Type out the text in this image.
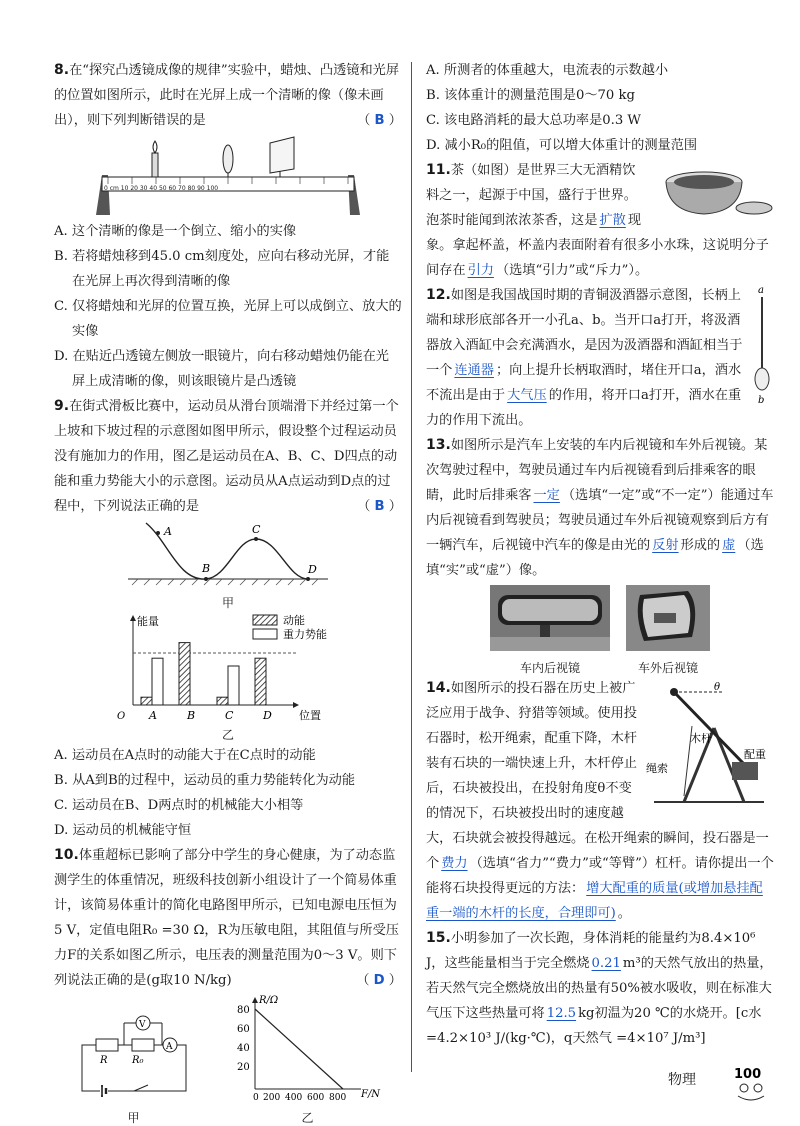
8.在“探究凸透镜成像的规律”实验中，蜡烛、凸透镜和光屏的位置如图所示，此时在光屏上成一个清晰的像（像未画出），则下列判断错误的是	（ B ）

0 cm 10 20 30 40 50 60 70 80 90 100

A. 这个清晰的像是一个倒立、缩小的实像

B. 若将蜡烛移到45.0 cm刻度处，应向右移动光屏，才能在光屏上再次得到清晰的像

C. 仅将蜡烛和光屏的位置互换，光屏上可以成倒立、放大的实像

D. 在贴近凸透镜左侧放一眼镜片，向右移动蜡烛仍能在光屏上成清晰的像，则该眼镜片是凸透镜

9.在街式滑板比赛中，运动员从滑台顶端滑下并经过第一个上坡和下坡过程的示意图如图甲所示，假设整个过程运动员没有施加力的作用，图乙是运动员在A、B、C、D四点的动能和重力势能大小的示意图。运动员从A点运动到D点的过程中，下列说法正确的是	（ B ）

A
B
C
D
甲
能量
位置
O
动能
重力势能
A	B	C	D
乙

A. 运动员在A点时的动能大于在C点时的动能

B. 从A到B的过程中，运动员的重力势能转化为动能

C. 运动员在B、D两点时的机械能大小相等

D. 运动员的机械能守恒

10.体重超标已影响了部分中学生的身心健康，为了动态监测学生的体重情况，班级科技创新小组设计了一个简易体重计，该简易体重计的简化电路图甲所示，已知电源电压恒为5 V，定值电阻R₀ =30 Ω，R为压敏电阻，其阻值与所受压力F的关系如图乙所示，电压表的测量范围为0～3 V。则下列说法正确的是(g取10 N/kg)	（ D ）

R R₀
A
V
甲
R/Ω
F/N
80
60
40
20
0 200 400 600 800
乙

A. 所测者的体重越大，电流表的示数越小

B. 该体重计的测量范围是0～70 kg

C. 该电路消耗的最大总功率是0.3 W

D. 减小R₀的阻值，可以增大体重计的测量范围

11.茶（如图）是世界三大无酒精饮料之一，起源于中国，盛行于世界。泡茶时能闻到浓浓茶香，这是 扩散 现象。拿起杯盖，杯盖内表面附着有很多小水珠，这说明分子间存在 引力 （选填“引力”或“斥力”）。

a
b

12.如图是我国战国时期的青铜汲酒器示意图，长柄上端和球形底部各开一小孔a、b。当开口a打开，将汲酒器放入酒缸中会充满酒水，是因为汲酒器和酒缸相当于一个 连通器 ；向上提升长柄取酒时，堵住开口a，酒水不流出是由于 大气压 的作用，将开口a打开，酒水在重力的作用下流出。

13.如图所示是汽车上安装的车内后视镜和车外后视镜。某次驾驶过程中，驾驶员通过车内后视镜看到后排乘客的眼睛，此时后排乘客 一定 （选填“一定”或“不一定”）能通过车内后视镜看到驾驶员；驾驶员通过车外后视镜观察到后方有一辆汽车，后视镜中汽车的像是由光的 反射 形成的 虚 （选填“实”或“虚”）像。

车内后视镜	车外后视镜
θ
木杆
绳索
配重

14.如图所示的投石器在历史上被广泛应用于战争、狩猎等领域。使用投石器时，松开绳索，配重下降，木杆装有石块的一端快速上升，木杆停止后，石块被投出，在投射角度θ不变的情况下，石块被投出时的速度越大，石块就会被投得越远。在松开绳索的瞬间，投石器是一个 费力 （选填“省力”“费力”或“等臂”）杠杆。请你提出一个能将石块投得更远的方法： 增大配重的质量(或增加悬挂配重一端的木杆的长度，合理即可) 。

15.小明参加了一次长跑，身体消耗的能量约为8.4×10⁶ J，这些能量相当于完全燃烧 0.21 m³的天然气放出的热量，若天然气完全燃烧放出的热量有50%被水吸收，则在标准大气压下这些热量可将 12.5 kg初温为20 ℃的水烧开。[c水 =4.2×10³ J/(kg·℃)，q天然气 =4×10⁷ J/m³]

物理	100
